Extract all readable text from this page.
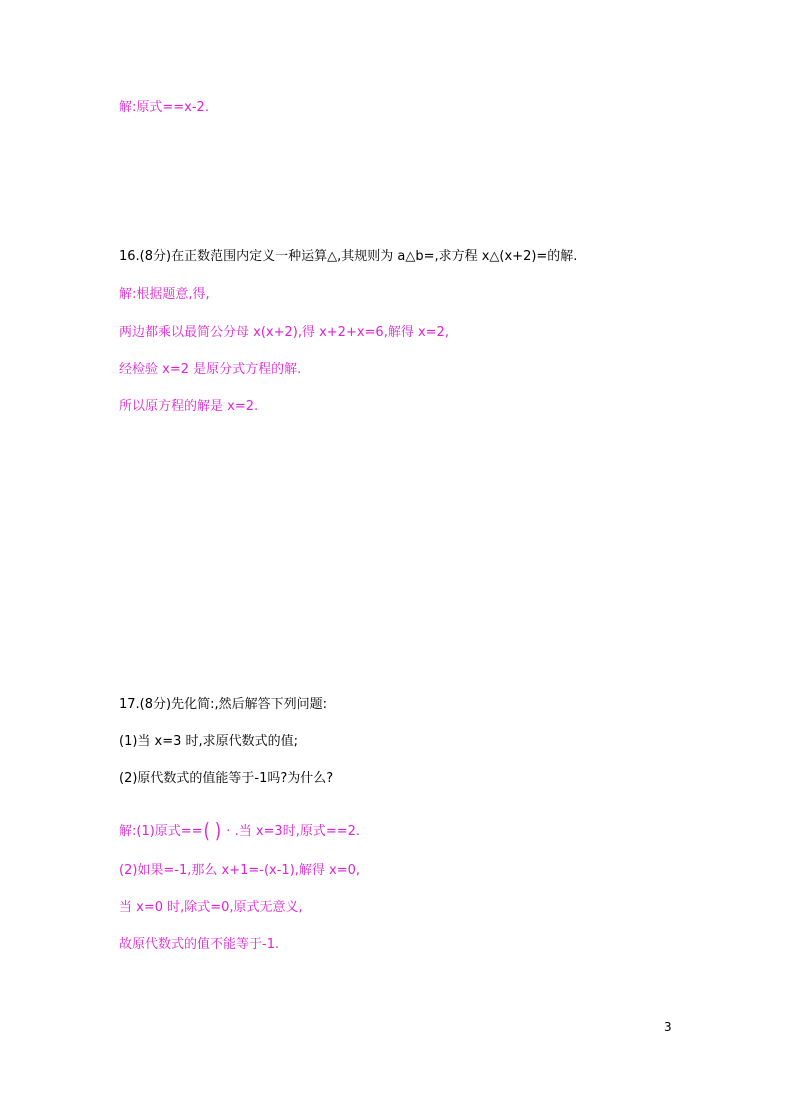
解:原式==x-2.
16.(8分)在正数范围内定义一种运算△,其规则为 a△b=,求方程 x△(x+2)=的解.
解:根据题意,得,
两边都乘以最简公分母 x(x+2),得 x+2+x=6,解得 x=2,
经检验 x=2 是原分式方程的解.
所以原方程的解是 x=2.
17.(8分)先化简:,然后解答下列问题:
(1)当 x=3 时,求原代数式的值;
(2)原代数式的值能等于-1吗?为什么?
解:(1)原式==( ) · .当 x=3时,原式==2.
(2)如果=-1,那么 x+1=-(x-1),解得 x=0,
当 x=0 时,除式=0,原式无意义,
故原代数式的值不能等于-1.
3
